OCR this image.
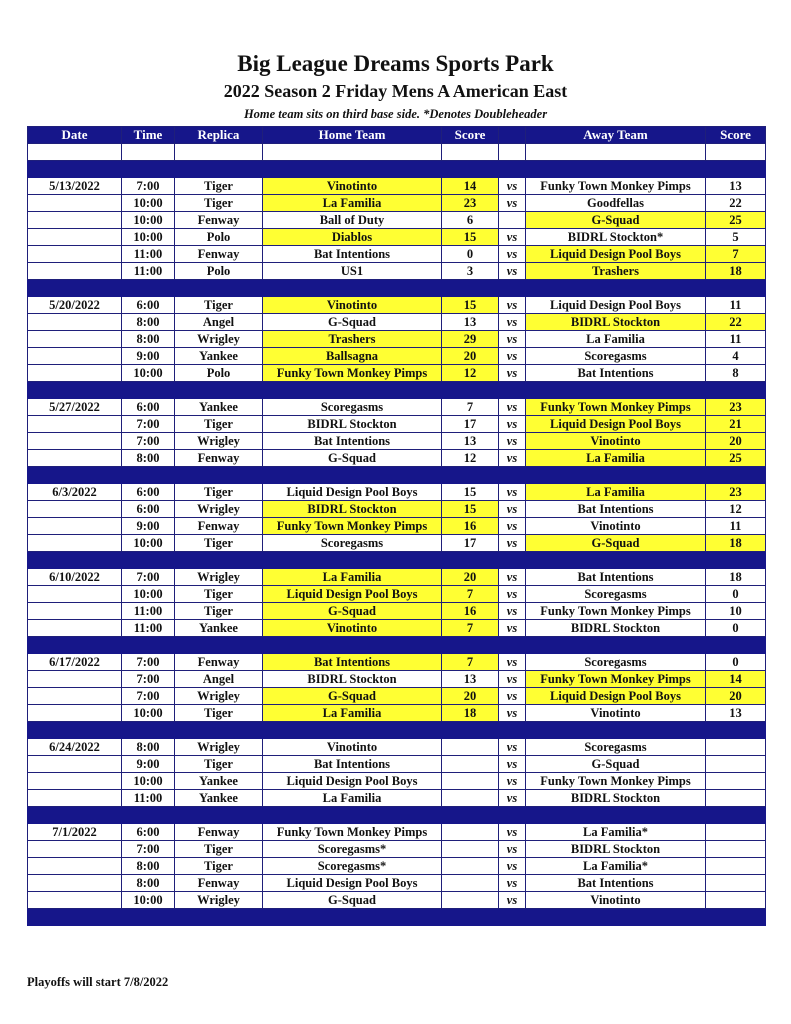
Big League Dreams Sports Park
2022 Season 2 Friday Mens A American East
Home team sits on third base side. *Denotes Doubleheader
Date	Time	Replica	Home Team	Score		Away Team	Score

5/13/2022	7:00	Tiger	Vinotinto	14	vs	Funky Town Monkey Pimps	13
	10:00	Tiger	La Familia	23	vs	Goodfellas	22
	10:00	Fenway	Ball of Duty	6		G-Squad	25
	10:00	Polo	Diablos	15	vs	BIDRL Stockton*	5
	11:00	Fenway	Bat Intentions	0	vs	Liquid Design Pool Boys	7
	11:00	Polo	US1	3	vs	Trashers	18

5/20/2022	6:00	Tiger	Vinotinto	15	vs	Liquid Design Pool Boys	11
	8:00	Angel	G-Squad	13	vs	BIDRL Stockton	22
	8:00	Wrigley	Trashers	29	vs	La Familia	11
	9:00	Yankee	Ballsagna	20	vs	Scoregasms	4
	10:00	Polo	Funky Town Monkey Pimps	12	vs	Bat Intentions	8

5/27/2022	6:00	Yankee	Scoregasms	7	vs	Funky Town Monkey Pimps	23
	7:00	Tiger	BIDRL Stockton	17	vs	Liquid Design Pool Boys	21
	7:00	Wrigley	Bat Intentions	13	vs	Vinotinto	20
	8:00	Fenway	G-Squad	12	vs	La Familia	25

6/3/2022	6:00	Tiger	Liquid Design Pool Boys	15	vs	La Familia	23
	6:00	Wrigley	BIDRL Stockton	15	vs	Bat Intentions	12
	9:00	Fenway	Funky Town Monkey Pimps	16	vs	Vinotinto	11
	10:00	Tiger	Scoregasms	17	vs	G-Squad	18

6/10/2022	7:00	Wrigley	La Familia	20	vs	Bat Intentions	18
	10:00	Tiger	Liquid Design Pool Boys	7	vs	Scoregasms	0
	11:00	Tiger	G-Squad	16	vs	Funky Town Monkey Pimps	10
	11:00	Yankee	Vinotinto	7	vs	BIDRL Stockton	0

6/17/2022	7:00	Fenway	Bat Intentions	7	vs	Scoregasms	0
	7:00	Angel	BIDRL Stockton	13	vs	Funky Town Monkey Pimps	14
	7:00	Wrigley	G-Squad	20	vs	Liquid Design Pool Boys	20
	10:00	Tiger	La Familia	18	vs	Vinotinto	13

6/24/2022	8:00	Wrigley	Vinotinto		vs	Scoregasms	
	9:00	Tiger	Bat Intentions		vs	G-Squad	
	10:00	Yankee	Liquid Design Pool Boys		vs	Funky Town Monkey Pimps	
	11:00	Yankee	La Familia		vs	BIDRL Stockton	

7/1/2022	6:00	Fenway	Funky Town Monkey Pimps		vs	La Familia*	
	7:00	Tiger	Scoregasms*		vs	BIDRL Stockton	
	8:00	Tiger	Scoregasms*		vs	La Familia*	
	8:00	Fenway	Liquid Design Pool Boys		vs	Bat Intentions	
	10:00	Wrigley	G-Squad		vs	Vinotinto	

Playoffs will start 7/8/2022
